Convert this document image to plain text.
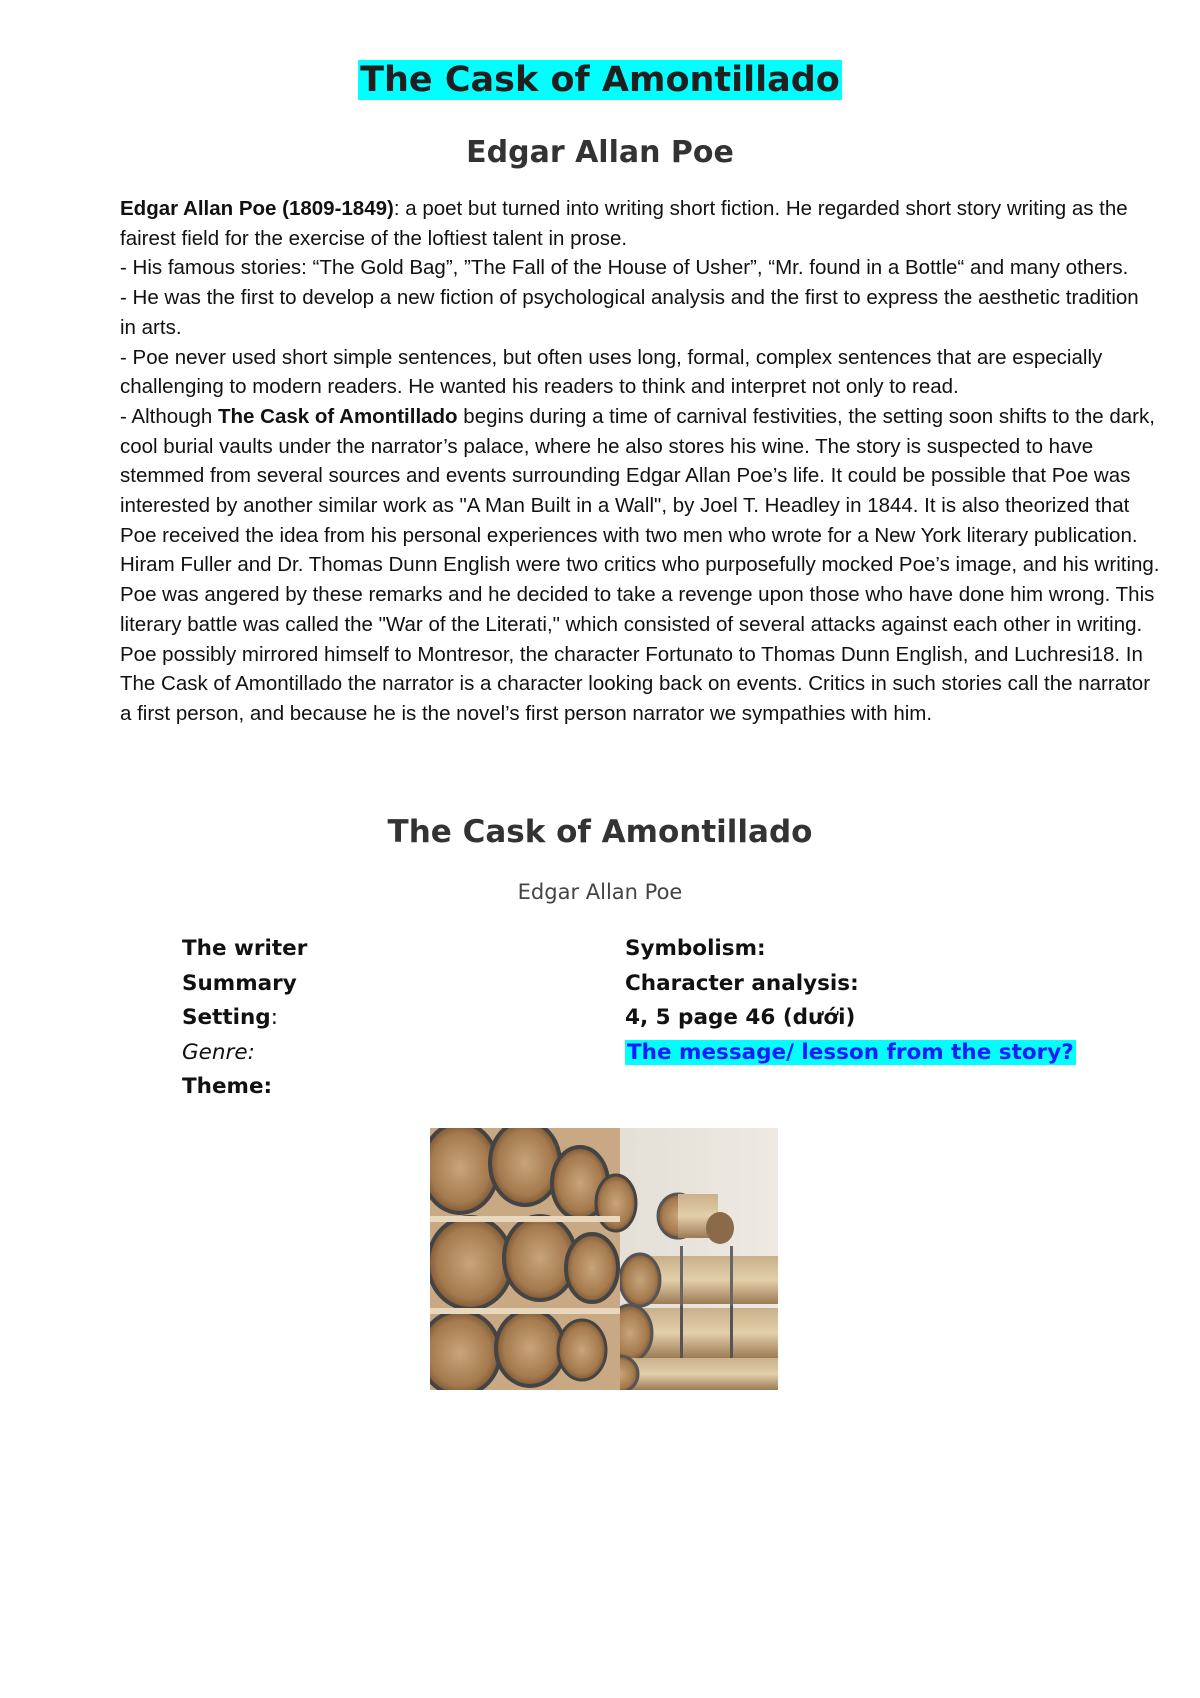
The Cask of Amontillado
Edgar Allan Poe

Edgar Allan Poe (1809-1849): a poet but turned into writing short fiction. He regarded short story writing as the fairest field for the exercise of the loftiest talent in prose.

- His famous stories: “The Gold Bag”, ”The Fall of the House of Usher”, “Mr. found in a Bottle“ and many others.

- He was the first to develop a new fiction of psychological analysis and the first to express the aesthetic tradition in arts.

- Poe never used short simple sentences, but often uses long, formal, complex sentences that are especially challenging to modern readers. He wanted his readers to think and interpret not only to read.

- Although The Cask of Amontillado begins during a time of carnival festivities, the setting soon shifts to the dark, cool burial vaults under the narrator’s palace, where he also stores his wine. The story is suspected to have stemmed from several sources and events surrounding Edgar Allan Poe’s life. It could be possible that Poe was interested by another similar work as "A Man Built in a Wall", by Joel T. Headley in 1844. It is also theorized that Poe received the idea from his personal experiences with two men who wrote for a New York literary publication. Hiram Fuller and Dr. Thomas Dunn English were two critics who purposefully mocked Poe’s image, and his writing. Poe was angered by these remarks and he decided to take a revenge upon those who have done him wrong. This literary battle was called the "War of the Literati," which consisted of several attacks against each other in writing. Poe possibly mirrored himself to Montresor, the character Fortunato to Thomas Dunn English, and Luchresi18. In The Cask of Amontillado the narrator is a character looking back on events. Critics in such stories call the narrator a first person, and because he is the novel’s first person narrator we sympathies with him.

The Cask of Amontillado
Edgar Allan Poe
The writer
Summary
Setting:
Genre:
Theme:
Symbolism:
Character analysis:
4, 5 page 46 (dưới)
The message/ lesson from the story?
